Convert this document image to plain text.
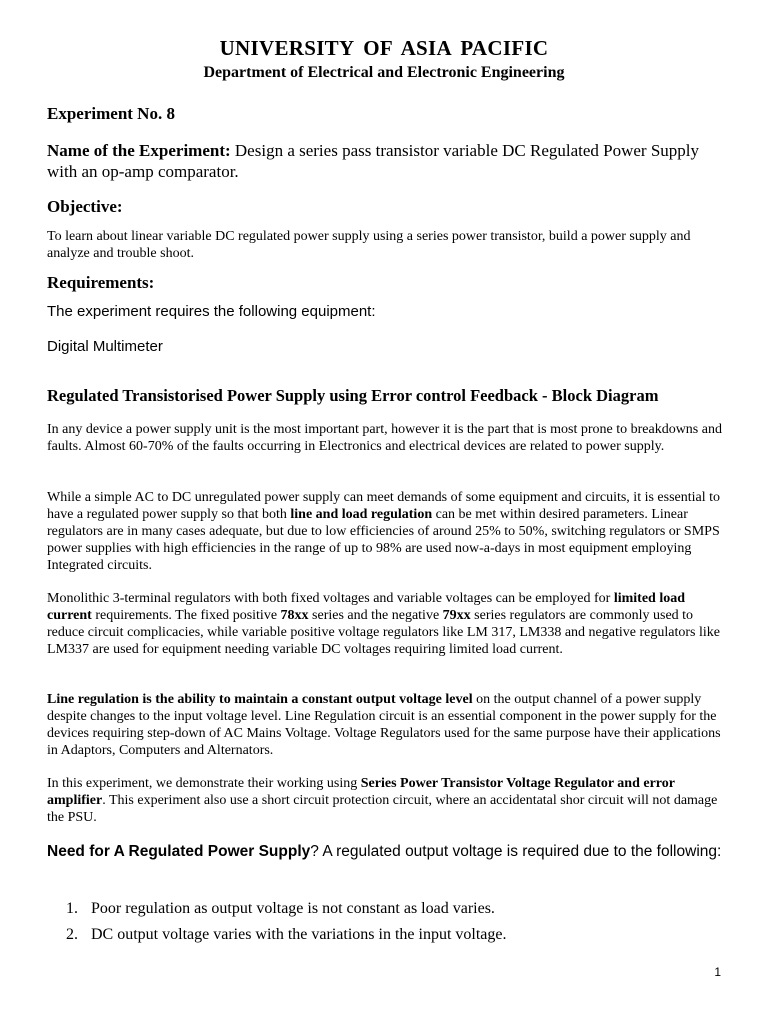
UNIVERSITY OF ASIA PACIFIC
Department of Electrical and Electronic Engineering
Experiment No. 8
Name of the Experiment: Design a series pass transistor variable DC Regulated Power Supply with an op-amp comparator.
Objective:
To learn about linear variable DC regulated power supply using a series power transistor, build a power supply and analyze and trouble shoot.
Requirements:
The experiment requires the following equipment:
Digital Multimeter
Regulated Transistorised Power Supply using Error control Feedback - Block Diagram
In any device a power supply unit is the most important part, however it is the part that is most prone to breakdowns and faults. Almost 60-70% of the faults occurring in Electronics and electrical devices are related to power supply.
While a simple AC to DC unregulated power supply can meet demands of some equipment and circuits, it is essential to have a regulated power supply so that both line and load regulation can be met within desired parameters. Linear regulators are in many cases adequate, but due to low efficiencies of around 25% to 50%, switching regulators or SMPS power supplies with high efficiencies in the range of up to 98% are used now-a-days in most equipment employing Integrated circuits.
Monolithic 3-terminal regulators with both fixed voltages and variable voltages can be employed for limited load current requirements. The fixed positive 78xx series and the negative 79xx series regulators are commonly used to reduce circuit complicacies, while variable positive voltage regulators like LM 317, LM338 and negative regulators like LM337 are used for equipment needing variable DC voltages requiring limited load current.
Line regulation is the ability to maintain a constant output voltage level on the output channel of a power supply despite changes to the input voltage level. Line Regulation circuit is an essential component in the power supply for the devices requiring step-down of AC Mains Voltage. Voltage Regulators used for the same purpose have their applications in Adaptors, Computers and Alternators.
In this experiment, we demonstrate their working using Series Power Transistor Voltage Regulator and error amplifier. This experiment also use a short circuit protection circuit, where an accidentatal shor circuit will not damage the PSU.
Need for A Regulated Power Supply? A regulated output voltage is required due to the following:
1. Poor regulation as output voltage is not constant as load varies.
2. DC output voltage varies with the variations in the input voltage.
1
